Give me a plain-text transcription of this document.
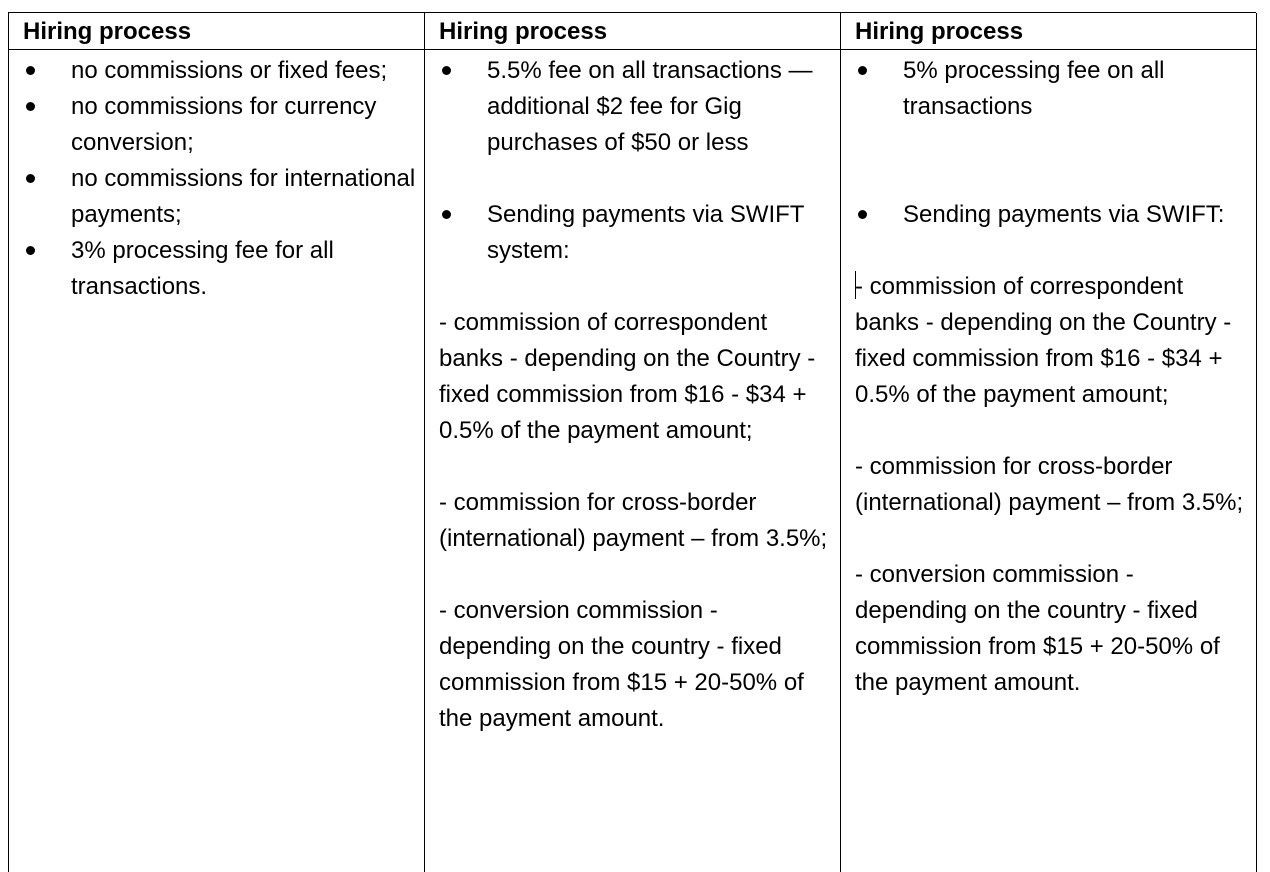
Hiring process
no commissions or fixed fees;
no commissions for currency conversion;
no commissions for international payments;
3% processing fee for all transactions.
Hiring process
5.5% fee on all transactions — additional $2 fee for Gig purchases of $50 or less
Sending payments via SWIFT system:

- commission of correspondent banks - depending on the Country - fixed commission from $16 - $34 + 0.5% of the payment amount;

- commission for cross-border (international) payment – from 3.5%;

- conversion commission - depending on the country - fixed commission from $15 + 20-50% of the payment amount.

Hiring process
5% processing fee on all transactions
Sending payments via SWIFT:

- commission of correspondent banks - depending on the Country - fixed commission from $16 - $34 + 0.5% of the payment amount;

- commission for cross-border (international) payment – from 3.5%;

- conversion commission - depending on the country - fixed commission from $15 + 20-50% of the payment amount.
